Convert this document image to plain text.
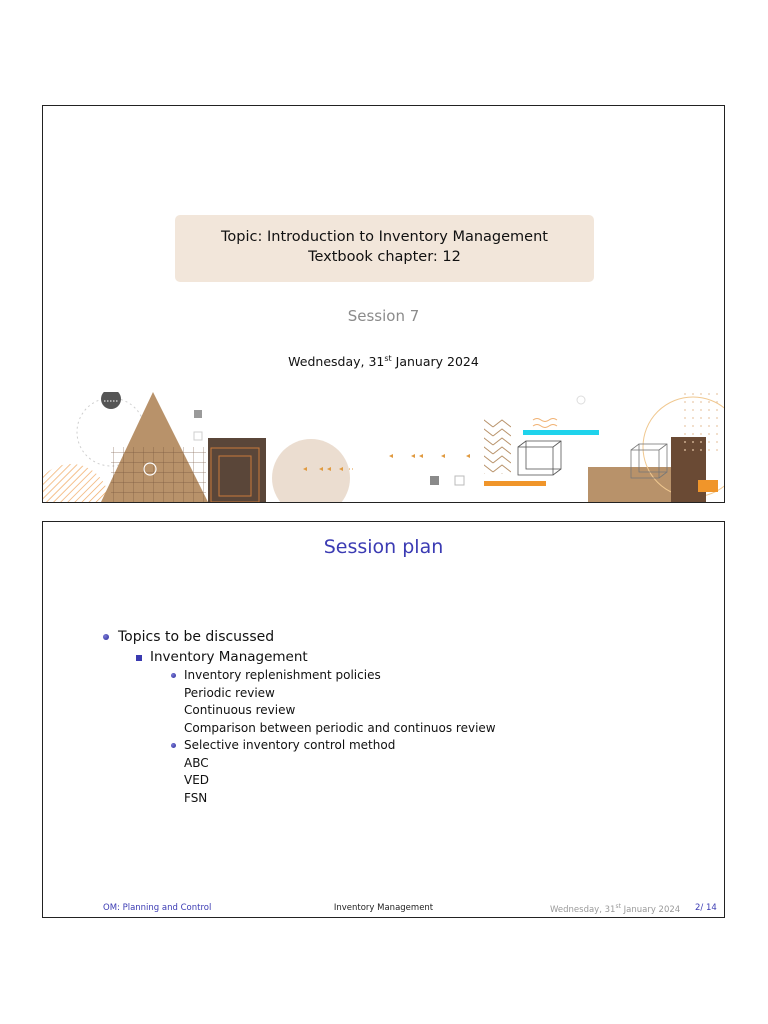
Topic: Introduction to Inventory Management
Textbook chapter: 12
Session 7
Wednesday, 31st January 2024
Session plan
Topics to be discussed
Inventory Management
Inventory replenishment policies
Periodic review
Continuous review
Comparison between periodic and continuos review
Selective inventory control method
ABC
VED
FSN
OM: Planning and Control	Inventory Management	Wednesday, 31st January 2024 2/ 14
